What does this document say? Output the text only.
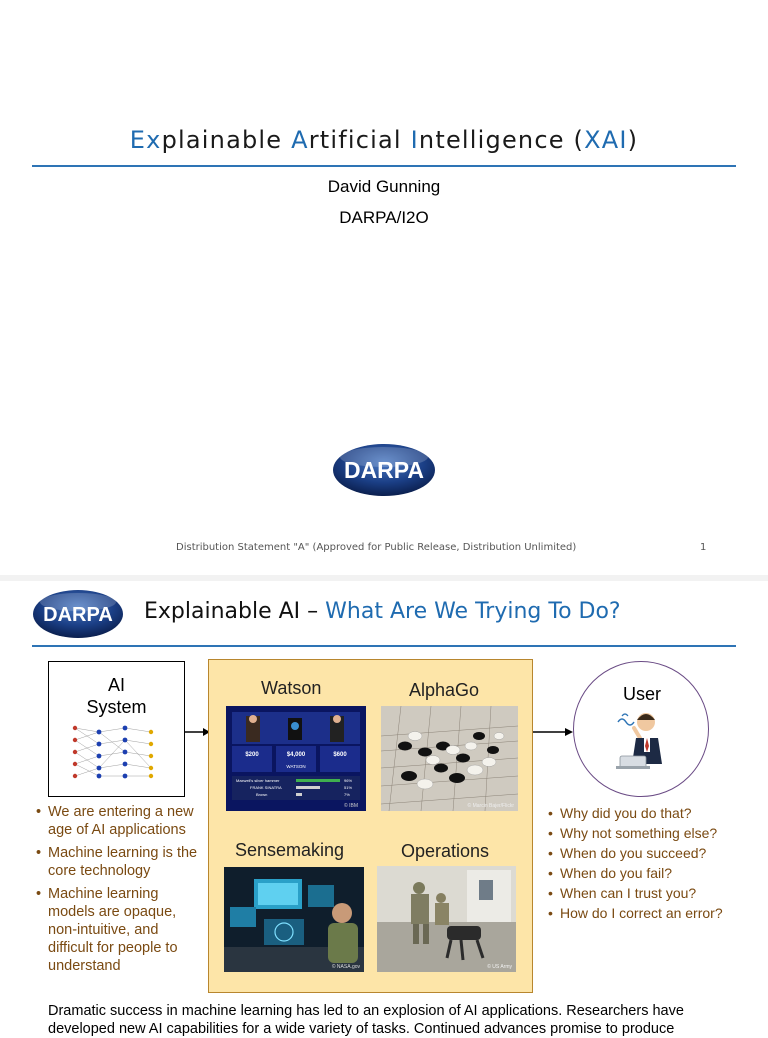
Explainable Artificial Intelligence (XAI)
David Gunning
DARPA/I2O
DARPA
Distribution Statement "A" (Approved for Public Release, Distribution Unlimited)	1
DARPA Explainable AI – What Are We Trying To Do?
AI
System
• We are entering a new age of AI applications
• Machine learning is the core technology
• Machine learning models are opaque, non-intuitive, and difficult for people to understand
Watson	AlphaGo
$200	$4,000	$600
WATSON
Maxwell's silver hammer
FRANK SINATRA
Brown
96%
51%
7%
© IBM	© Marcin Bajer/Flickr
Sensemaking	Operations
© NASA.gov	© US Army
User
• Why did you do that?
• Why not something else?
• When do you succeed?
• When do you fail?
• When can I trust you?
• How do I correct an error?
Dramatic success in machine learning has led to an explosion of AI applications. Researchers have developed new AI capabilities for a wide variety of tasks. Continued advances promise to produce
